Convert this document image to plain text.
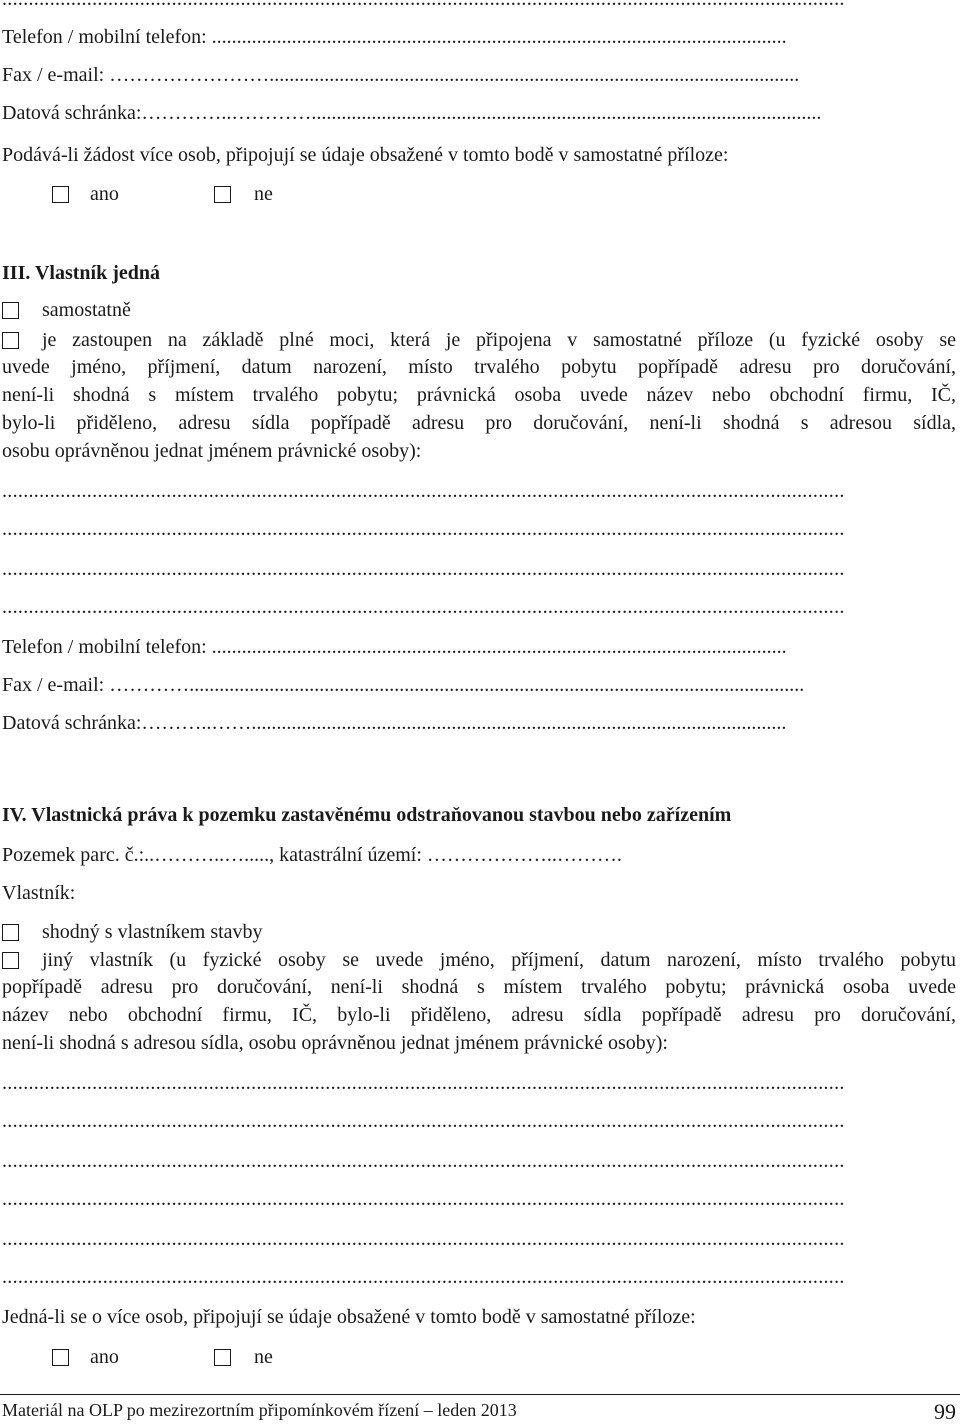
Telefon / mobilní telefon: ...................................................................................................................
Fax / e-mail: ……………………..........................................................................................................
Datová schránka:…………..…………......................................................................................................
Podává-li žádost více osob, připojují se údaje obsažené v tomto bodě v samostatné příloze:
ano	ne
III. Vlastník jedná
samostatně
je zastoupen na základě plné moci, která je připojena v samostatné příloze (u fyzické osoby se
uvede jméno, příjmení, datum narození, místo trvalého pobytu popřípadě adresu pro doručování,
není-li shodná s místem trvalého pobytu; právnická osoba uvede název nebo obchodní firmu, IČ,
bylo-li přiděleno, adresu sídla popřípadě adresu pro doručování, není-li shodná s adresou sídla,
osobu oprávněnou jednat jménem právnické osoby):
...............................................................................................................................................................
...............................................................................................................................................................
...............................................................................................................................................................
...............................................................................................................................................................
Telefon / mobilní telefon: ...................................................................................................................
Fax / e-mail: …………...........................................................................................................................
Datová schránka:………..……...........................................................................................................
IV. Vlastnická práva k pozemku zastavěnému odstraňovanou stavbou nebo zařízením
Pozemek parc. č.:..………..…....., katastrální území: ………………..……….
Vlastník:
shodný s vlastníkem stavby
jiný vlastník (u fyzické osoby se uvede jméno, příjmení, datum narození, místo trvalého pobytu
popřípadě adresu pro doručování, není-li shodná s místem trvalého pobytu; právnická osoba uvede
název nebo obchodní firmu, IČ, bylo-li přiděleno, adresu sídla popřípadě adresu pro doručování,
není-li shodná s adresou sídla, osobu oprávněnou jednat jménem právnické osoby):
...............................................................................................................................................................
...............................................................................................................................................................
...............................................................................................................................................................
...............................................................................................................................................................
...............................................................................................................................................................
...............................................................................................................................................................
Jedná-li se o více osob, připojují se údaje obsažené v tomto bodě v samostatné příloze:
ano	ne
Materiál na OLP po mezirezortním připomínkovém řízení – leden 2013	99
